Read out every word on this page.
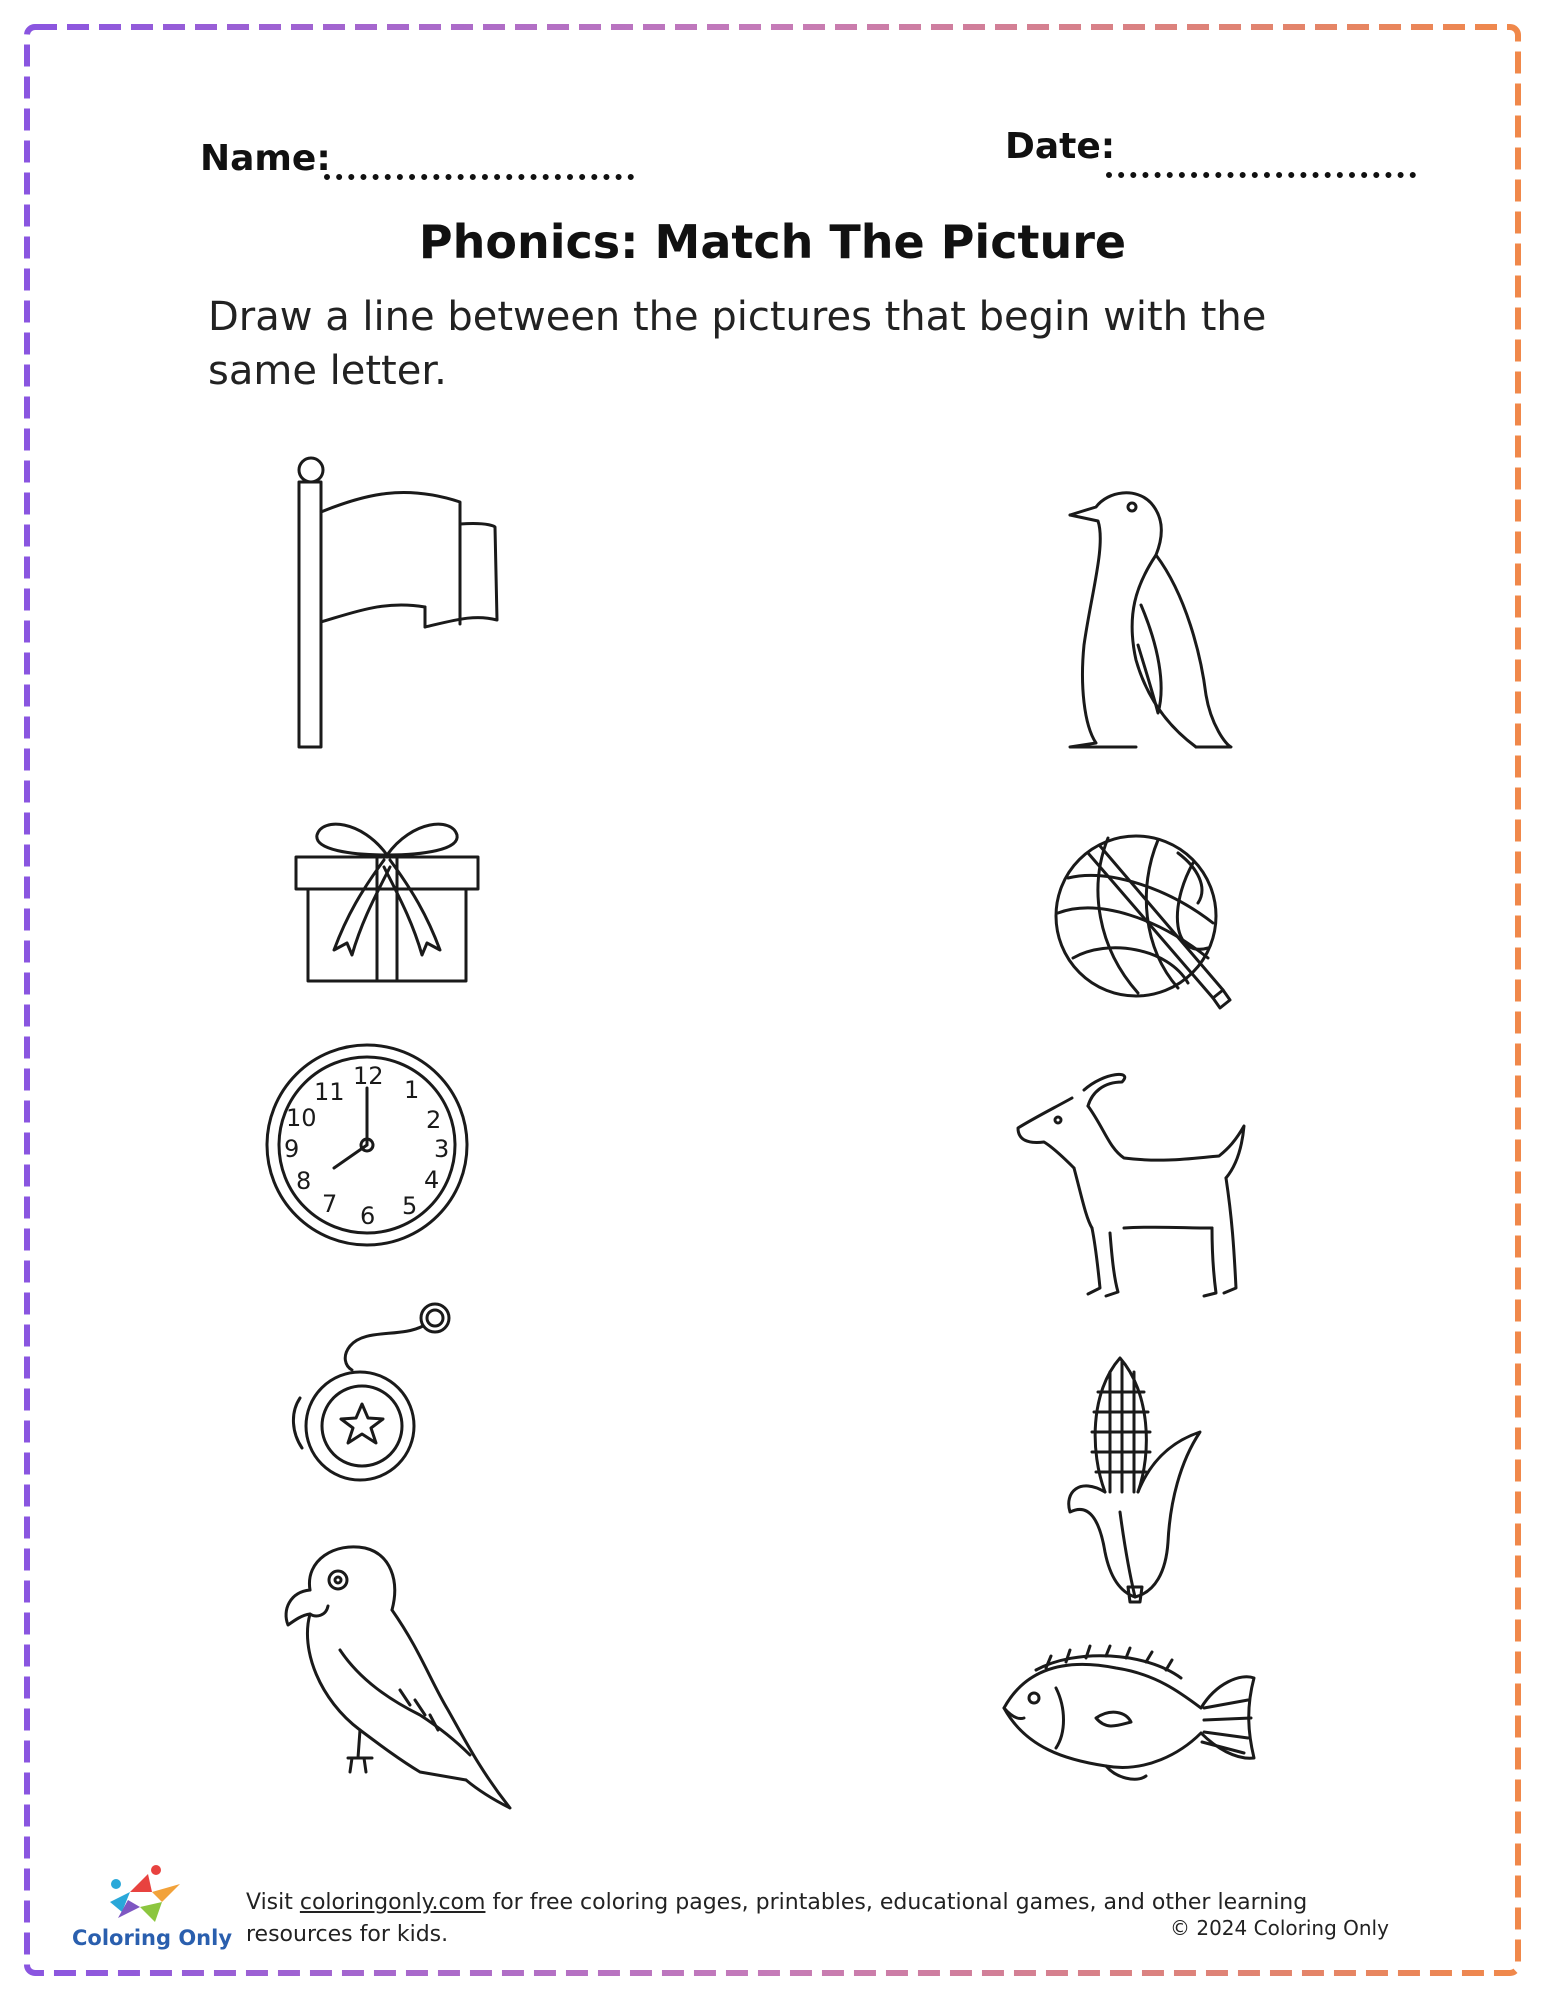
Name:	Date:
Phonics: Match The Picture
Draw a line between the pictures that begin with the same letter.
12 1
2
3
4
5
6
7
8
9
10
11
Coloring Only
Visit coloringonly.com for free coloring pages, printables, educational games, and other learning resources for kids.	© 2024 Coloring Only
